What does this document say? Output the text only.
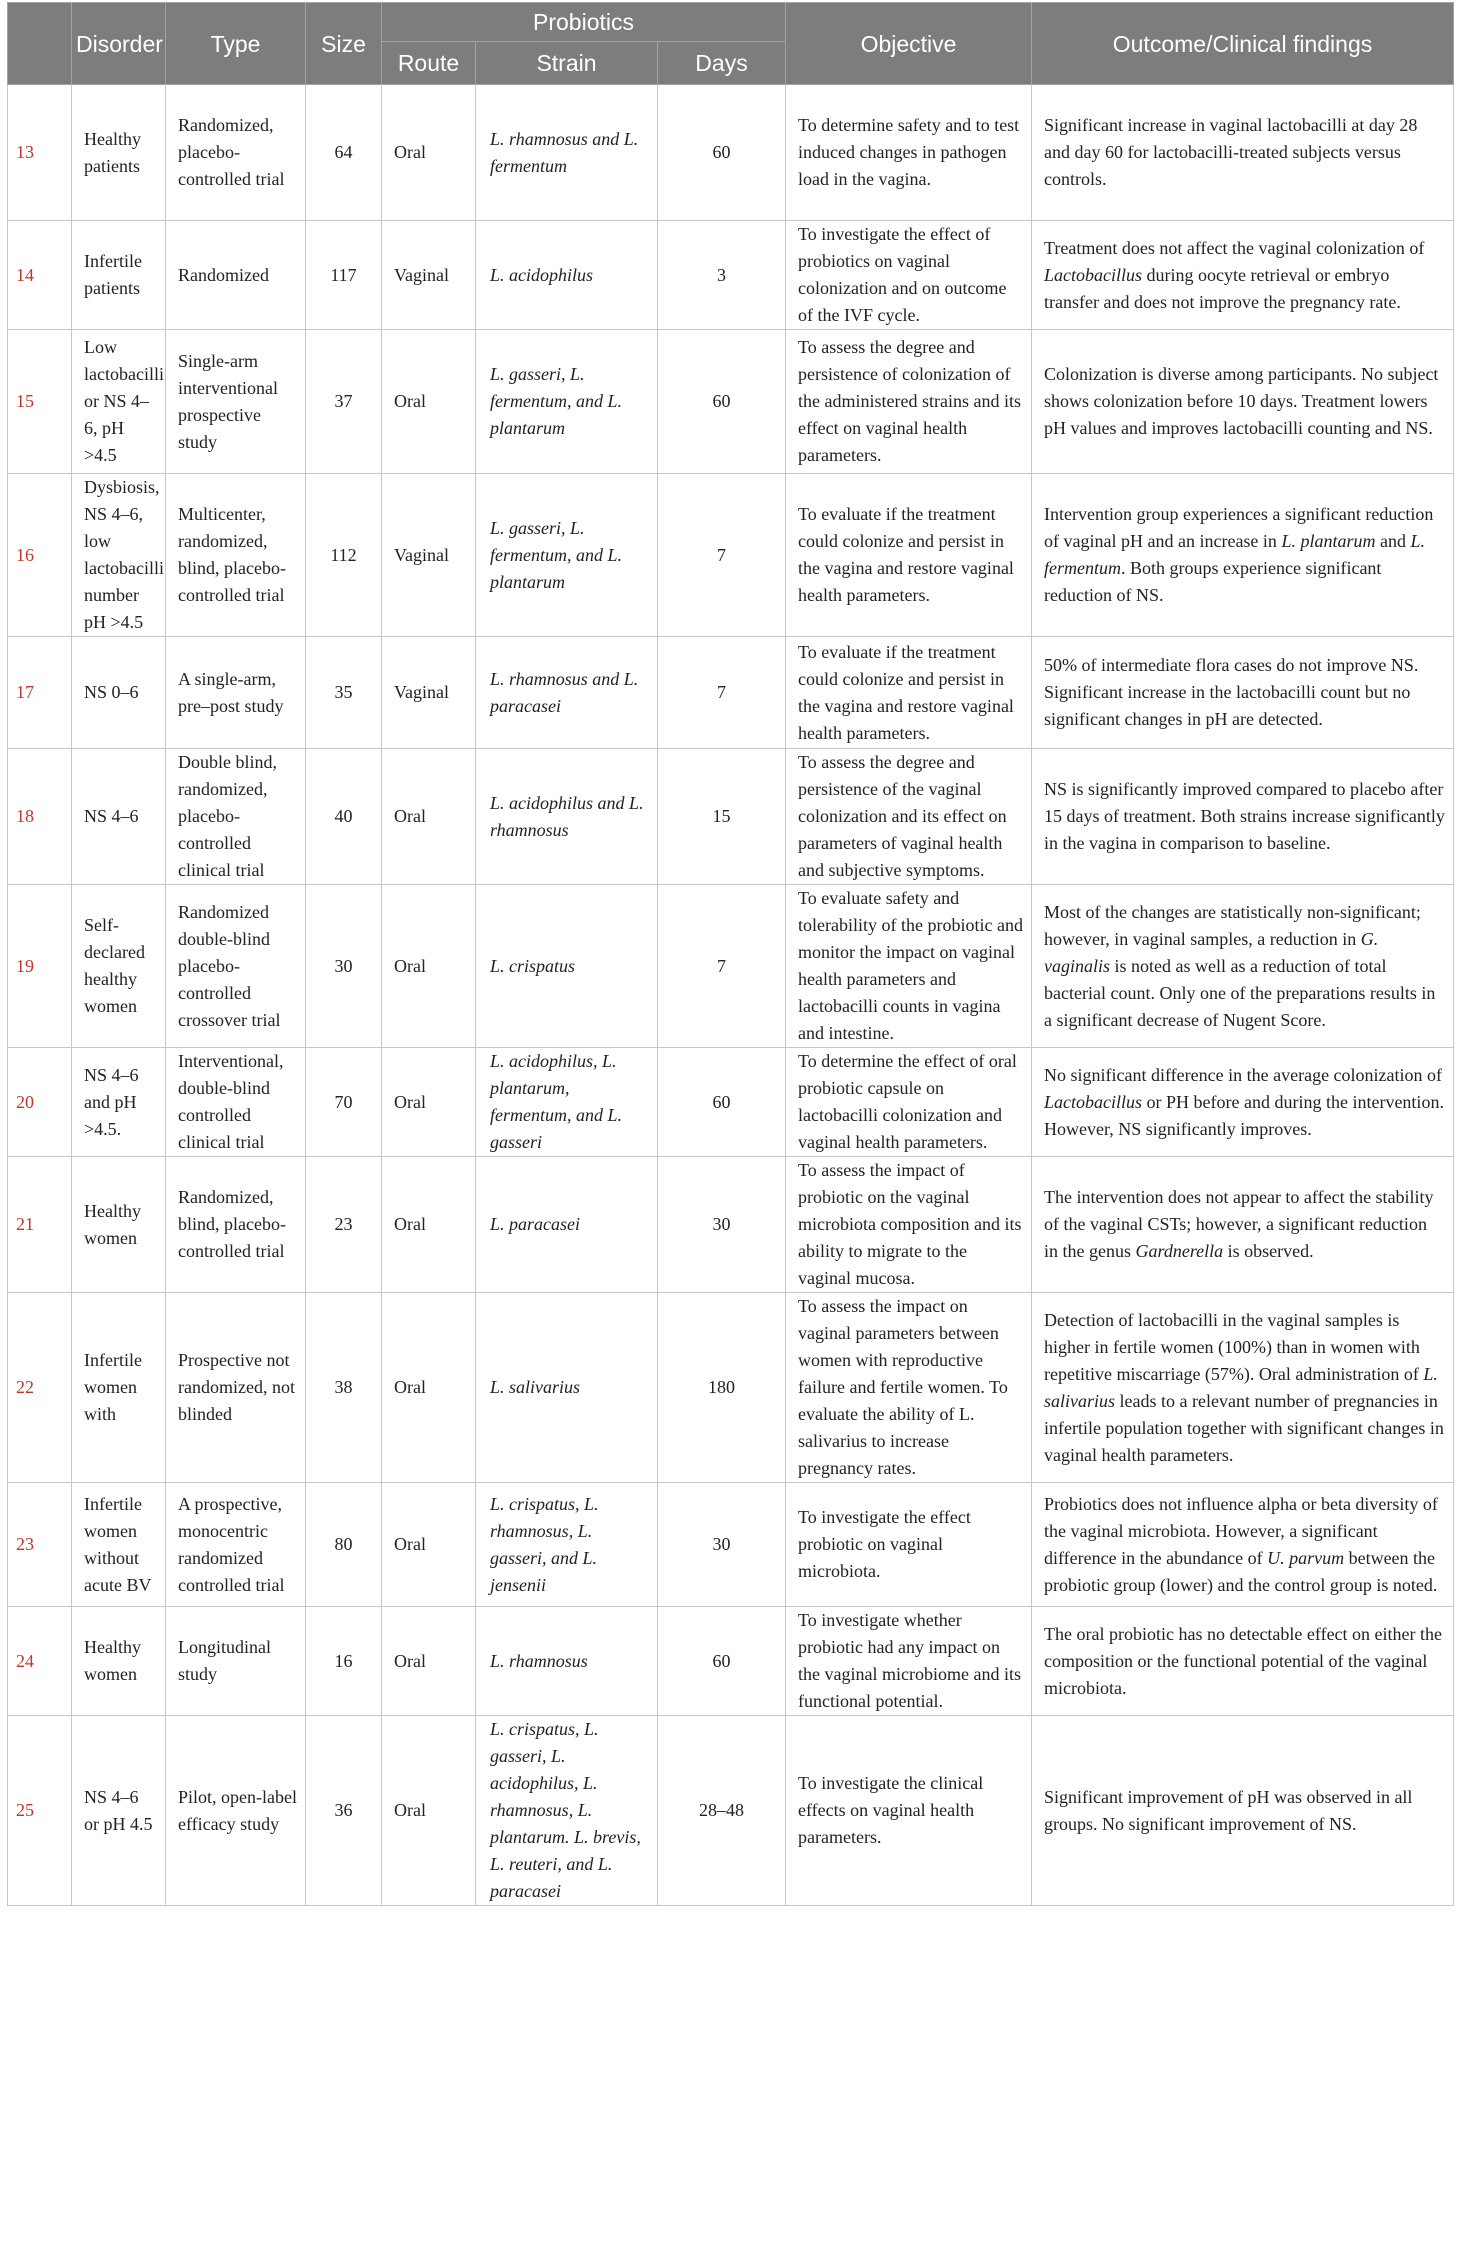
	Disorder	Type	Size	Probiotics			Objective	Outcome/Clinical findings
				Route	Strain	Days		
13	Healthy patients	Randomized, placebo-controlled trial	64	Oral	L. rhamnosus and L. fermentum	60	To determine safety and to test induced changes in pathogen load in the vagina.	Significant increase in vaginal lactobacilli at day 28 and day 60 for lactobacilli-treated subjects versus controls.
14	Infertile patients	Randomized	117	Vaginal	L. acidophilus	3	To investigate the effect of probiotics on vaginal colonization and on outcome of the IVF cycle.	Treatment does not affect the vaginal colonization of Lactobacillus during oocyte retrieval or embryo transfer and does not improve the pregnancy rate.
15	Low lactobacilli or NS 4–6, pH >4.5	Single-arm interventional prospective study	37	Oral	L. gasseri, L. fermentum, and L. plantarum	60	To assess the degree and persistence of colonization of the administered strains and its effect on vaginal health parameters.	Colonization is diverse among participants. No subject shows colonization before 10 days. Treatment lowers pH values and improves lactobacilli counting and NS.
16	Dysbiosis, NS 4–6, low lactobacilli number pH >4.5	Multicenter, randomized, blind, placebo-controlled trial	112	Vaginal	L. gasseri, L. fermentum, and L. plantarum	7	To evaluate if the treatment could colonize and persist in the vagina and restore vaginal health parameters.	Intervention group experiences a significant reduction of vaginal pH and an increase in L. plantarum and L. fermentum. Both groups experience significant reduction of NS.
17	NS 0–6	A single-arm, pre–post study	35	Vaginal	L. rhamnosus and L. paracasei	7	To evaluate if the treatment could colonize and persist in the vagina and restore vaginal health parameters.	50% of intermediate flora cases do not improve NS. Significant increase in the lactobacilli count but no significant changes in pH are detected.
18	NS 4–6	Double blind, randomized, placebo-controlled clinical trial	40	Oral	L. acidophilus and L. rhamnosus	15	To assess the degree and persistence of the vaginal colonization and its effect on parameters of vaginal health and subjective symptoms.	NS is significantly improved compared to placebo after 15 days of treatment. Both strains increase significantly in the vagina in comparison to baseline.
19	Self-declared healthy women	Randomized double-blind placebo-controlled crossover trial	30	Oral	L. crispatus	7	To evaluate safety and tolerability of the probiotic and monitor the impact on vaginal health parameters and lactobacilli counts in vagina and intestine.	Most of the changes are statistically non-significant; however, in vaginal samples, a reduction in G. vaginalis is noted as well as a reduction of total bacterial count. Only one of the preparations results in a significant decrease of Nugent Score.
20	NS 4–6 and pH >4.5.	Interventional, double-blind controlled clinical trial	70	Oral	L. acidophilus, L. plantarum, fermentum, and L. gasseri	60	To determine the effect of oral probiotic capsule on lactobacilli colonization and vaginal health parameters.	No significant difference in the average colonization of Lactobacillus or PH before and during the intervention. However, NS significantly improves.
21	Healthy women	Randomized, blind, placebo-controlled trial	23	Oral	L. paracasei	30	To assess the impact of probiotic on the vaginal microbiota composition and its ability to migrate to the vaginal mucosa.	The intervention does not appear to affect the stability of the vaginal CSTs; however, a significant reduction in the genus Gardnerella is observed.
22	Infertile women with	Prospective not randomized, not blinded	38	Oral	L. salivarius	180	To assess the impact on vaginal parameters between women with reproductive failure and fertile women. To evaluate the ability of L. salivarius to increase pregnancy rates.	Detection of lactobacilli in the vaginal samples is higher in fertile women (100%) than in women with repetitive miscarriage (57%). Oral administration of L. salivarius leads to a relevant number of pregnancies in infertile population together with significant changes in vaginal health parameters.
23	Infertile women without acute BV	A prospective, monocentric randomized controlled trial	80	Oral	L. crispatus, L. rhamnosus, L. gasseri, and L. jensenii	30	To investigate the effect probiotic on vaginal microbiota.	Probiotics does not influence alpha or beta diversity of the vaginal microbiota. However, a significant difference in the abundance of U. parvum between the probiotic group (lower) and the control group is noted.
24	Healthy women	Longitudinal study	16	Oral	L. rhamnosus	60	To investigate whether probiotic had any impact on the vaginal microbiome and its functional potential.	The oral probiotic has no detectable effect on either the composition or the functional potential of the vaginal microbiota.
25	NS 4–6 or pH 4.5	Pilot, open-label efficacy study	36	Oral	L. crispatus, L. gasseri, L. acidophilus, L. rhamnosus, L. plantarum. L. brevis, L. reuteri, and L. paracasei	28–48	To investigate the clinical effects on vaginal health parameters.	Significant improvement of pH was observed in all groups. No significant improvement of NS.
